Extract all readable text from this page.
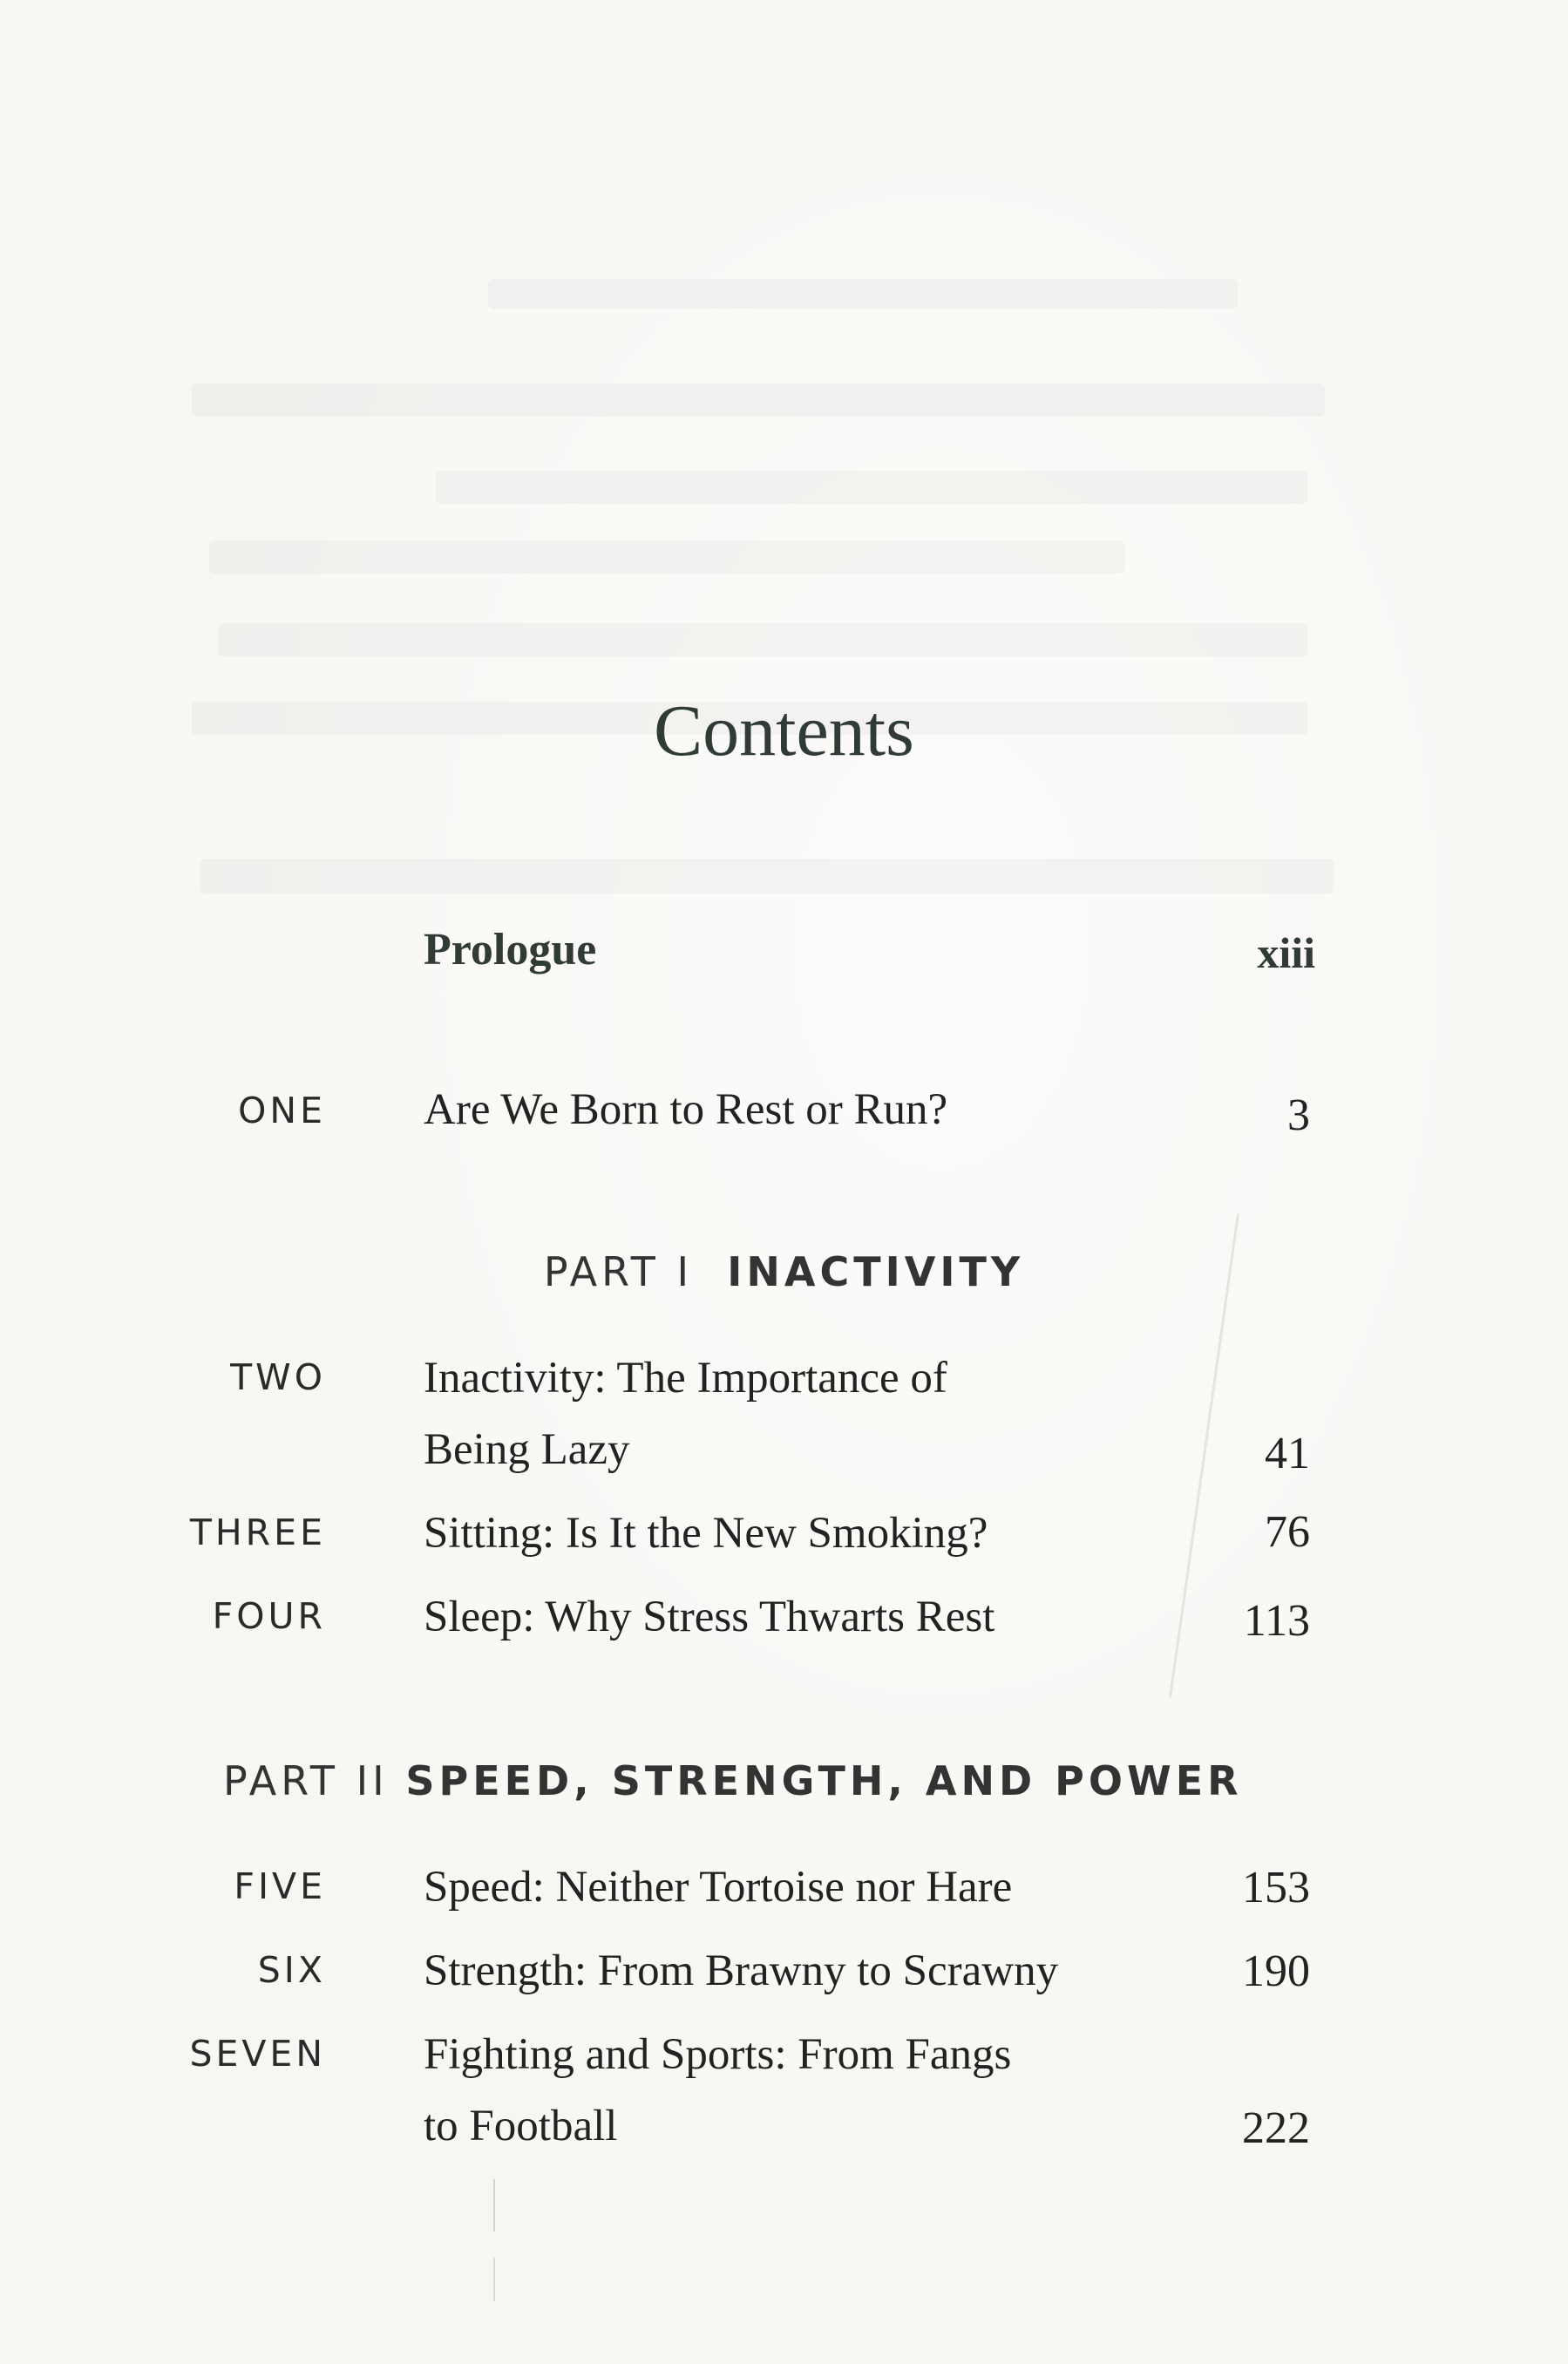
Contents
Prologue	xiii
ONE Are We Born to Rest or Run?	3
PART I INACTIVITY
TWO Inactivity: The Importance of
Being Lazy	41
THREE Sitting: Is It the New Smoking?	76
FOUR Sleep: Why Stress Thwarts Rest	113
PART II SPEED, STRENGTH, AND POWER
FIVE Speed: Neither Tortoise nor Hare	153
SIX Strength: From Brawny to Scrawny	190
SEVEN Fighting and Sports: From Fangs
to Football	222
